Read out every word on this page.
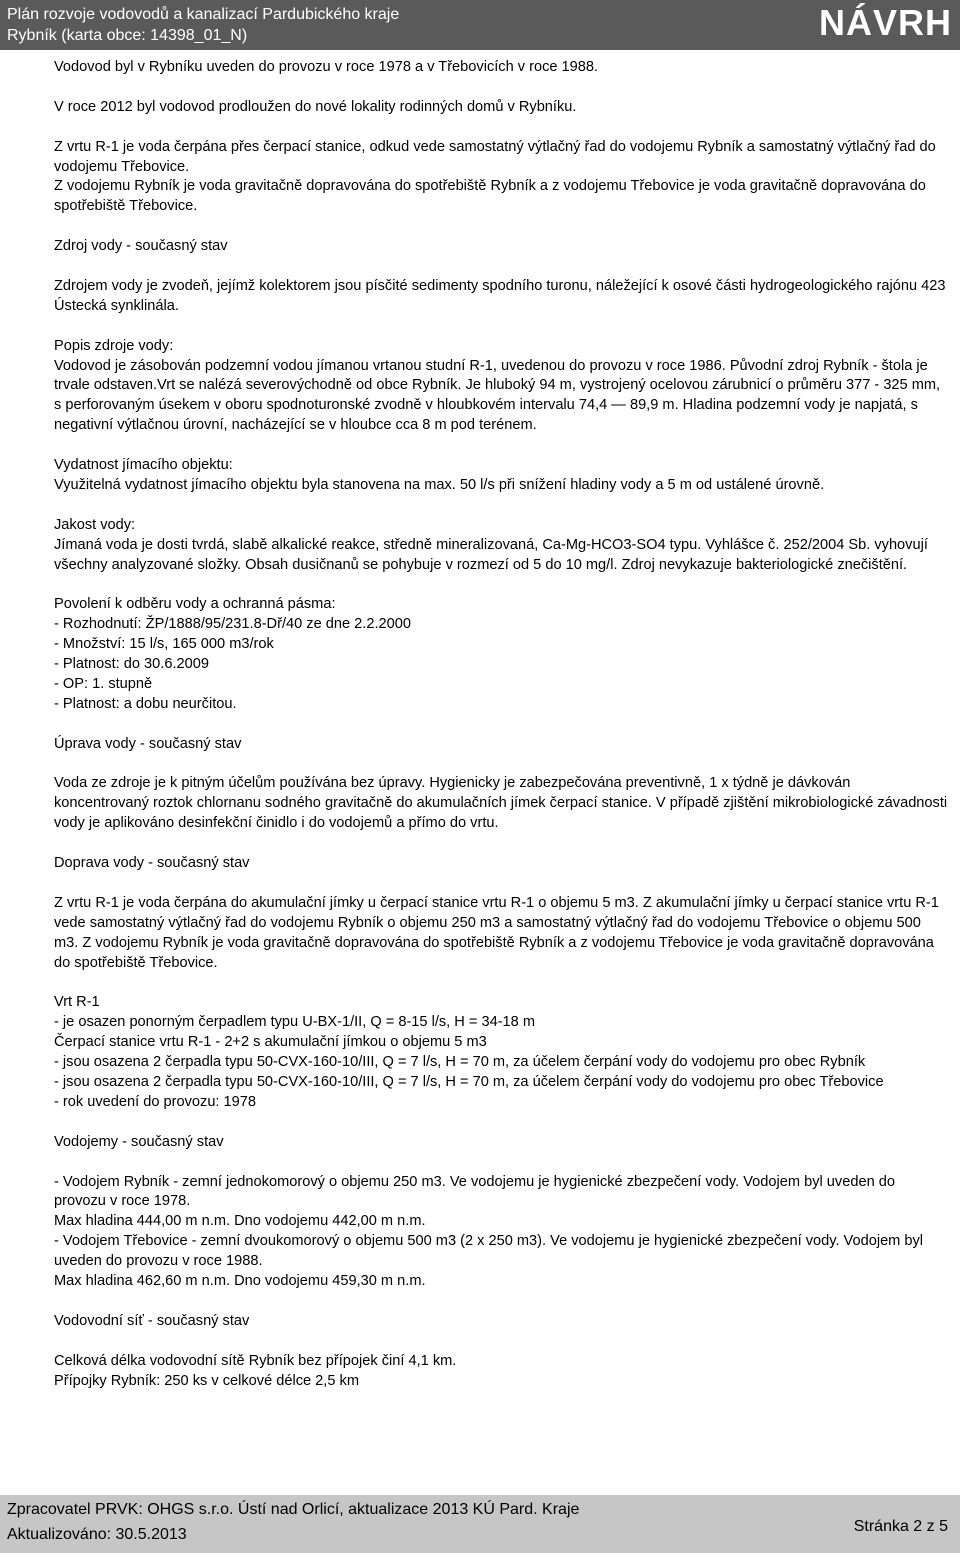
Plán rozvoje vodovodů a kanalizací Pardubického kraje
Rybník (karta obce: 14398_01_N)	NÁVRH

Vodovod byl v Rybníku uveden do provozu v roce 1978 a v Třebovicích v roce 1988.

V roce 2012 byl vodovod prodloužen do nové lokality rodinných domů v Rybníku.

Z vrtu R-1 je voda čerpána přes čerpací stanice, odkud vede samostatný výtlačný řad do vodojemu Rybník a samostatný výtlačný řad do vodojemu Třebovice.

Z vodojemu Rybník je voda gravitačně dopravována do spotřebiště Rybník a z vodojemu Třebovice je voda gravitačně dopravována do spotřebiště Třebovice.

Zdroj vody - současný stav

Zdrojem vody je zvodeň, jejímž kolektorem jsou písčité sedimenty spodního turonu, náležející k osové části hydrogeologického rajónu 423 Ústecká synklinála.

Popis zdroje vody:

Vodovod je zásobován podzemní vodou jímanou vrtanou studní R-1, uvedenou do provozu v roce 1986. Původní zdroj Rybník - štola je trvale odstaven.Vrt se nalézá severovýchodně od obce Rybník. Je hluboký 94 m, vystrojený ocelovou zárubnicí o průměru 377 - 325 mm, s perforovaným úsekem v oboru spodnoturonské zvodně v hloubkovém intervalu 74,4 — 89,9 m. Hladina podzemní vody je napjatá, s negativní výtlačnou úrovní, nacházející se v hloubce cca 8 m pod terénem.

Vydatnost jímacího objektu:

Využitelná vydatnost jímacího objektu byla stanovena na max. 50 l/s při snížení hladiny vody a 5 m od ustálené úrovně.

Jakost vody:

Jímaná voda je dosti tvrdá, slabě alkalické reakce, středně mineralizovaná, Ca-Mg-HCO3-SO4 typu. Vyhlášce č. 252/2004 Sb. vyhovují všechny analyzované složky. Obsah dusičnanů se pohybuje v rozmezí od 5 do 10 mg/l. Zdroj nevykazuje bakteriologické znečištění.

Povolení k odběru vody a ochranná pásma:

- Rozhodnutí: ŽP/1888/95/231.8-Dř/40 ze dne 2.2.2000

- Množství: 15 l/s, 165 000 m3/rok

- Platnost: do 30.6.2009

- OP: 1. stupně

- Platnost: a dobu neurčitou.

Úprava vody - současný stav

Voda ze zdroje je k pitným účelům používána bez úpravy. Hygienicky je zabezpečována preventivně, 1 x týdně je dávkován koncentrovaný roztok chlornanu sodného gravitačně do akumulačních jímek čerpací stanice. V případě zjištění mikrobiologické závadnosti vody je aplikováno desinfekční činidlo i do vodojemů a přímo do vrtu.

Doprava vody - současný stav

Z vrtu R-1 je voda čerpána do akumulační jímky u čerpací stanice vrtu R-1 o objemu 5 m3. Z akumulační jímky u čerpací stanice vrtu R-1 vede samostatný výtlačný řad do vodojemu Rybník o objemu 250 m3 a samostatný výtlačný řad do vodojemu Třebovice o objemu 500 m3. Z vodojemu Rybník je voda gravitačně dopravována do spotřebiště Rybník a z vodojemu Třebovice je voda gravitačně dopravována do spotřebiště Třebovice.

Vrt R-1

- je osazen ponorným čerpadlem typu U-BX-1/II, Q = 8-15 l/s, H = 34-18 m

Čerpací stanice vrtu R-1 - 2+2 s akumulační jímkou o objemu 5 m3

- jsou osazena 2 čerpadla typu 50-CVX-160-10/III, Q = 7 l/s, H = 70 m, za účelem čerpání vody do vodojemu pro obec Rybník

- jsou osazena 2 čerpadla typu 50-CVX-160-10/III, Q = 7 l/s, H = 70 m, za účelem čerpání vody do vodojemu pro obec Třebovice

- rok uvedení do provozu: 1978

Vodojemy - současný stav

- Vodojem Rybník - zemní jednokomorový o objemu 250 m3. Ve vodojemu je hygienické zbezpečení vody. Vodojem byl uveden do provozu v roce 1978.

Max hladina 444,00 m n.m. Dno vodojemu 442,00 m n.m.

- Vodojem Třebovice - zemní dvoukomorový o objemu 500 m3 (2 x 250 m3). Ve vodojemu je hygienické zbezpečení vody. Vodojem byl uveden do provozu v roce 1988.

Max hladina 462,60 m n.m. Dno vodojemu 459,30 m n.m.

Vodovodní síť - současný stav

Celková délka vodovodní sítě Rybník bez přípojek činí 4,1 km.

Přípojky Rybník: 250 ks v celkové délce 2,5 km

Zpracovatel PRVK: OHGS s.r.o. Ústí nad Orlicí, aktualizace 2013 KÚ Pard. Kraje
Aktualizováno: 30.5.2013	Stránka 2 z 5
